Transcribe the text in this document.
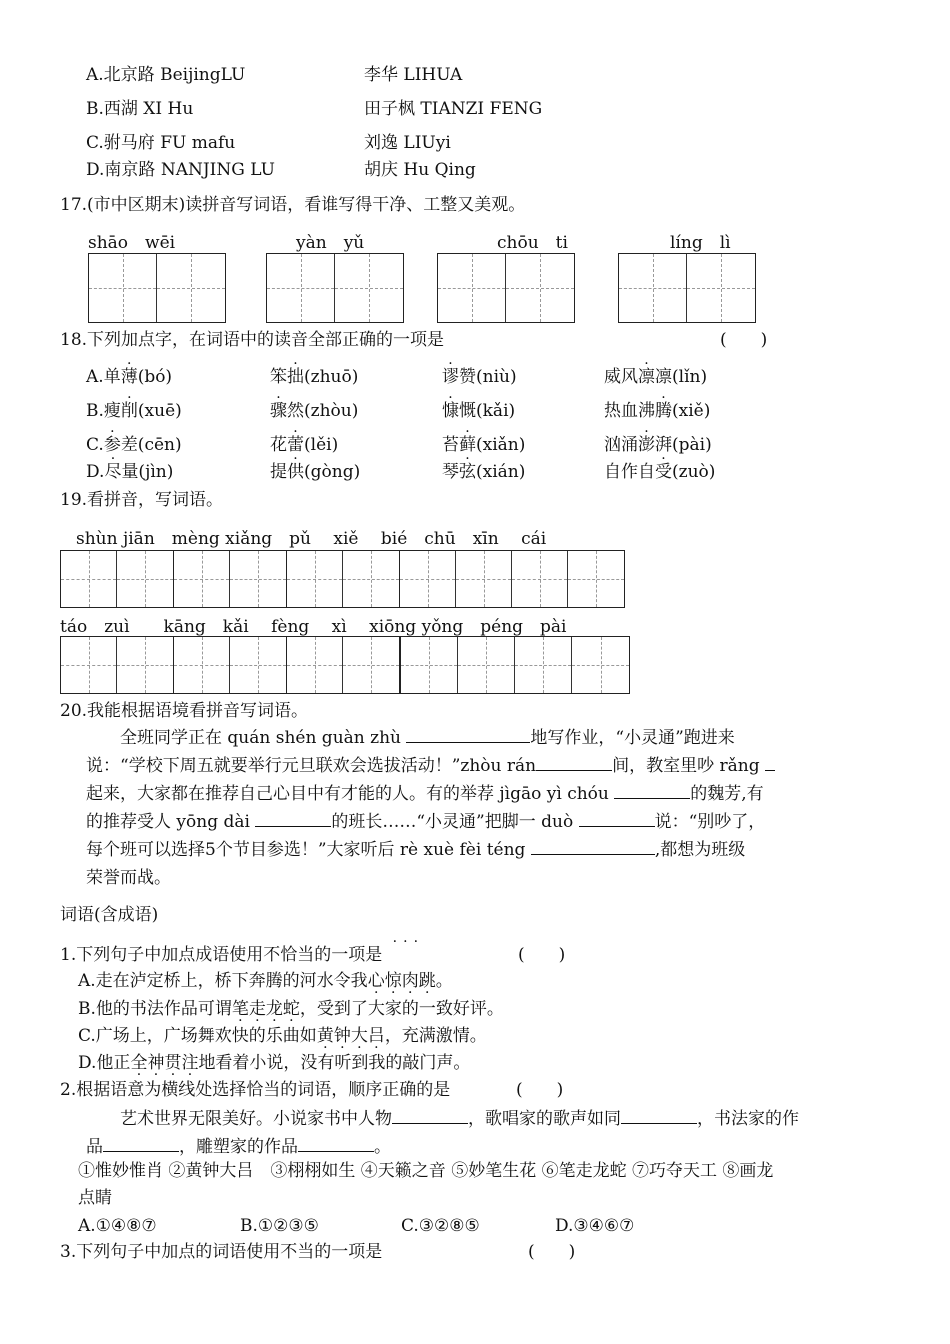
A.北京路 BeijingLU	李华 LIHUA
B.西湖 XI Hu	田子枫 TIANZI FENG
C.驸马府 FU mafu	刘逸 LIUyi
D.南京路 NANJING LU	胡庆 Hu Qing
17.(市中区期末)读拼音写词语，看谁写得干净、工整又美观。
shāo　wēi	yàn　yǔ	chōu　ti	líng　lì
18.下列加点字，在词语中的读音全部正确的一项是	(　　)
A.单薄(bó)	笨拙(zhuō)	谬赞(niù)	威风凛凛(lǐn)
B.瘦削(xuē)	骤然(zhòu)	慷慨(kǎi)	热血沸腾(xiě)
C.参差(cēn)	花蕾(lěi)	苔藓(xiǎn)	汹涌澎湃(pài)
D.尽量(jìn)	提供(gòng)	琴弦(xián)	自作自受(zuò)
19.看拼音，写词语。
shùn jiān　mèng xiǎng　pǔ　 xiě　 bié　chū　xīn　 cái
táo　zuì　　kāng　kǎi　 fèng　 xì　 xiōng yǒng　péng　pài
20.我能根据语境看拼音写词语。
　　全班同学正在 quán shén guàn zhù	地写作业，“小灵通”跑进来
说：“学校下周五就要举行元旦联欢会选拔活动！”zhòu rán	间，教室里吵 rǎng
起来，大家都在推荐自己心目中有才能的人。有的举荐 jìgāo yì chóu	的魏芳,有
的推荐受人 yōng dài	的班长……“小灵通”把脚一 duò	说：“别吵了，
每个班可以选择5个节目参选！”大家听后 rè xuè fèi téng	,都想为班级
荣誉而战。
词语(含成语)
1.下列句子中加点成语使用不恰当的一项是 ···
(　　)
A.走在泸定桥上，桥下奔腾的河水令我心惊肉跳。
B.他的书法作品可谓笔走龙蛇，受到了大家的一致好评。
C.广场上，广场舞欢快的乐曲如黄钟大吕，充满激情。
D.他正全神贯注地看着小说，没有听到我的敲门声。
2.根据语意为横线处选择恰当的词语，顺序正确的是	(　　)
　　艺术世界无限美好。小说家书中人物	，歌唱家的歌声如同	，书法家的作
品	，雕塑家的作品	。
①惟妙惟肖 ②黄钟大吕　③栩栩如生 ④天籁之音 ⑤妙笔生花 ⑥笔走龙蛇 ⑦巧夺天工 ⑧画龙
点睛
A.①④⑧⑦	B.①②③⑤	C.③②⑧⑤	D.③④⑥⑦
3.下列句子中加点的词语使用不当的一项是	(　　)
